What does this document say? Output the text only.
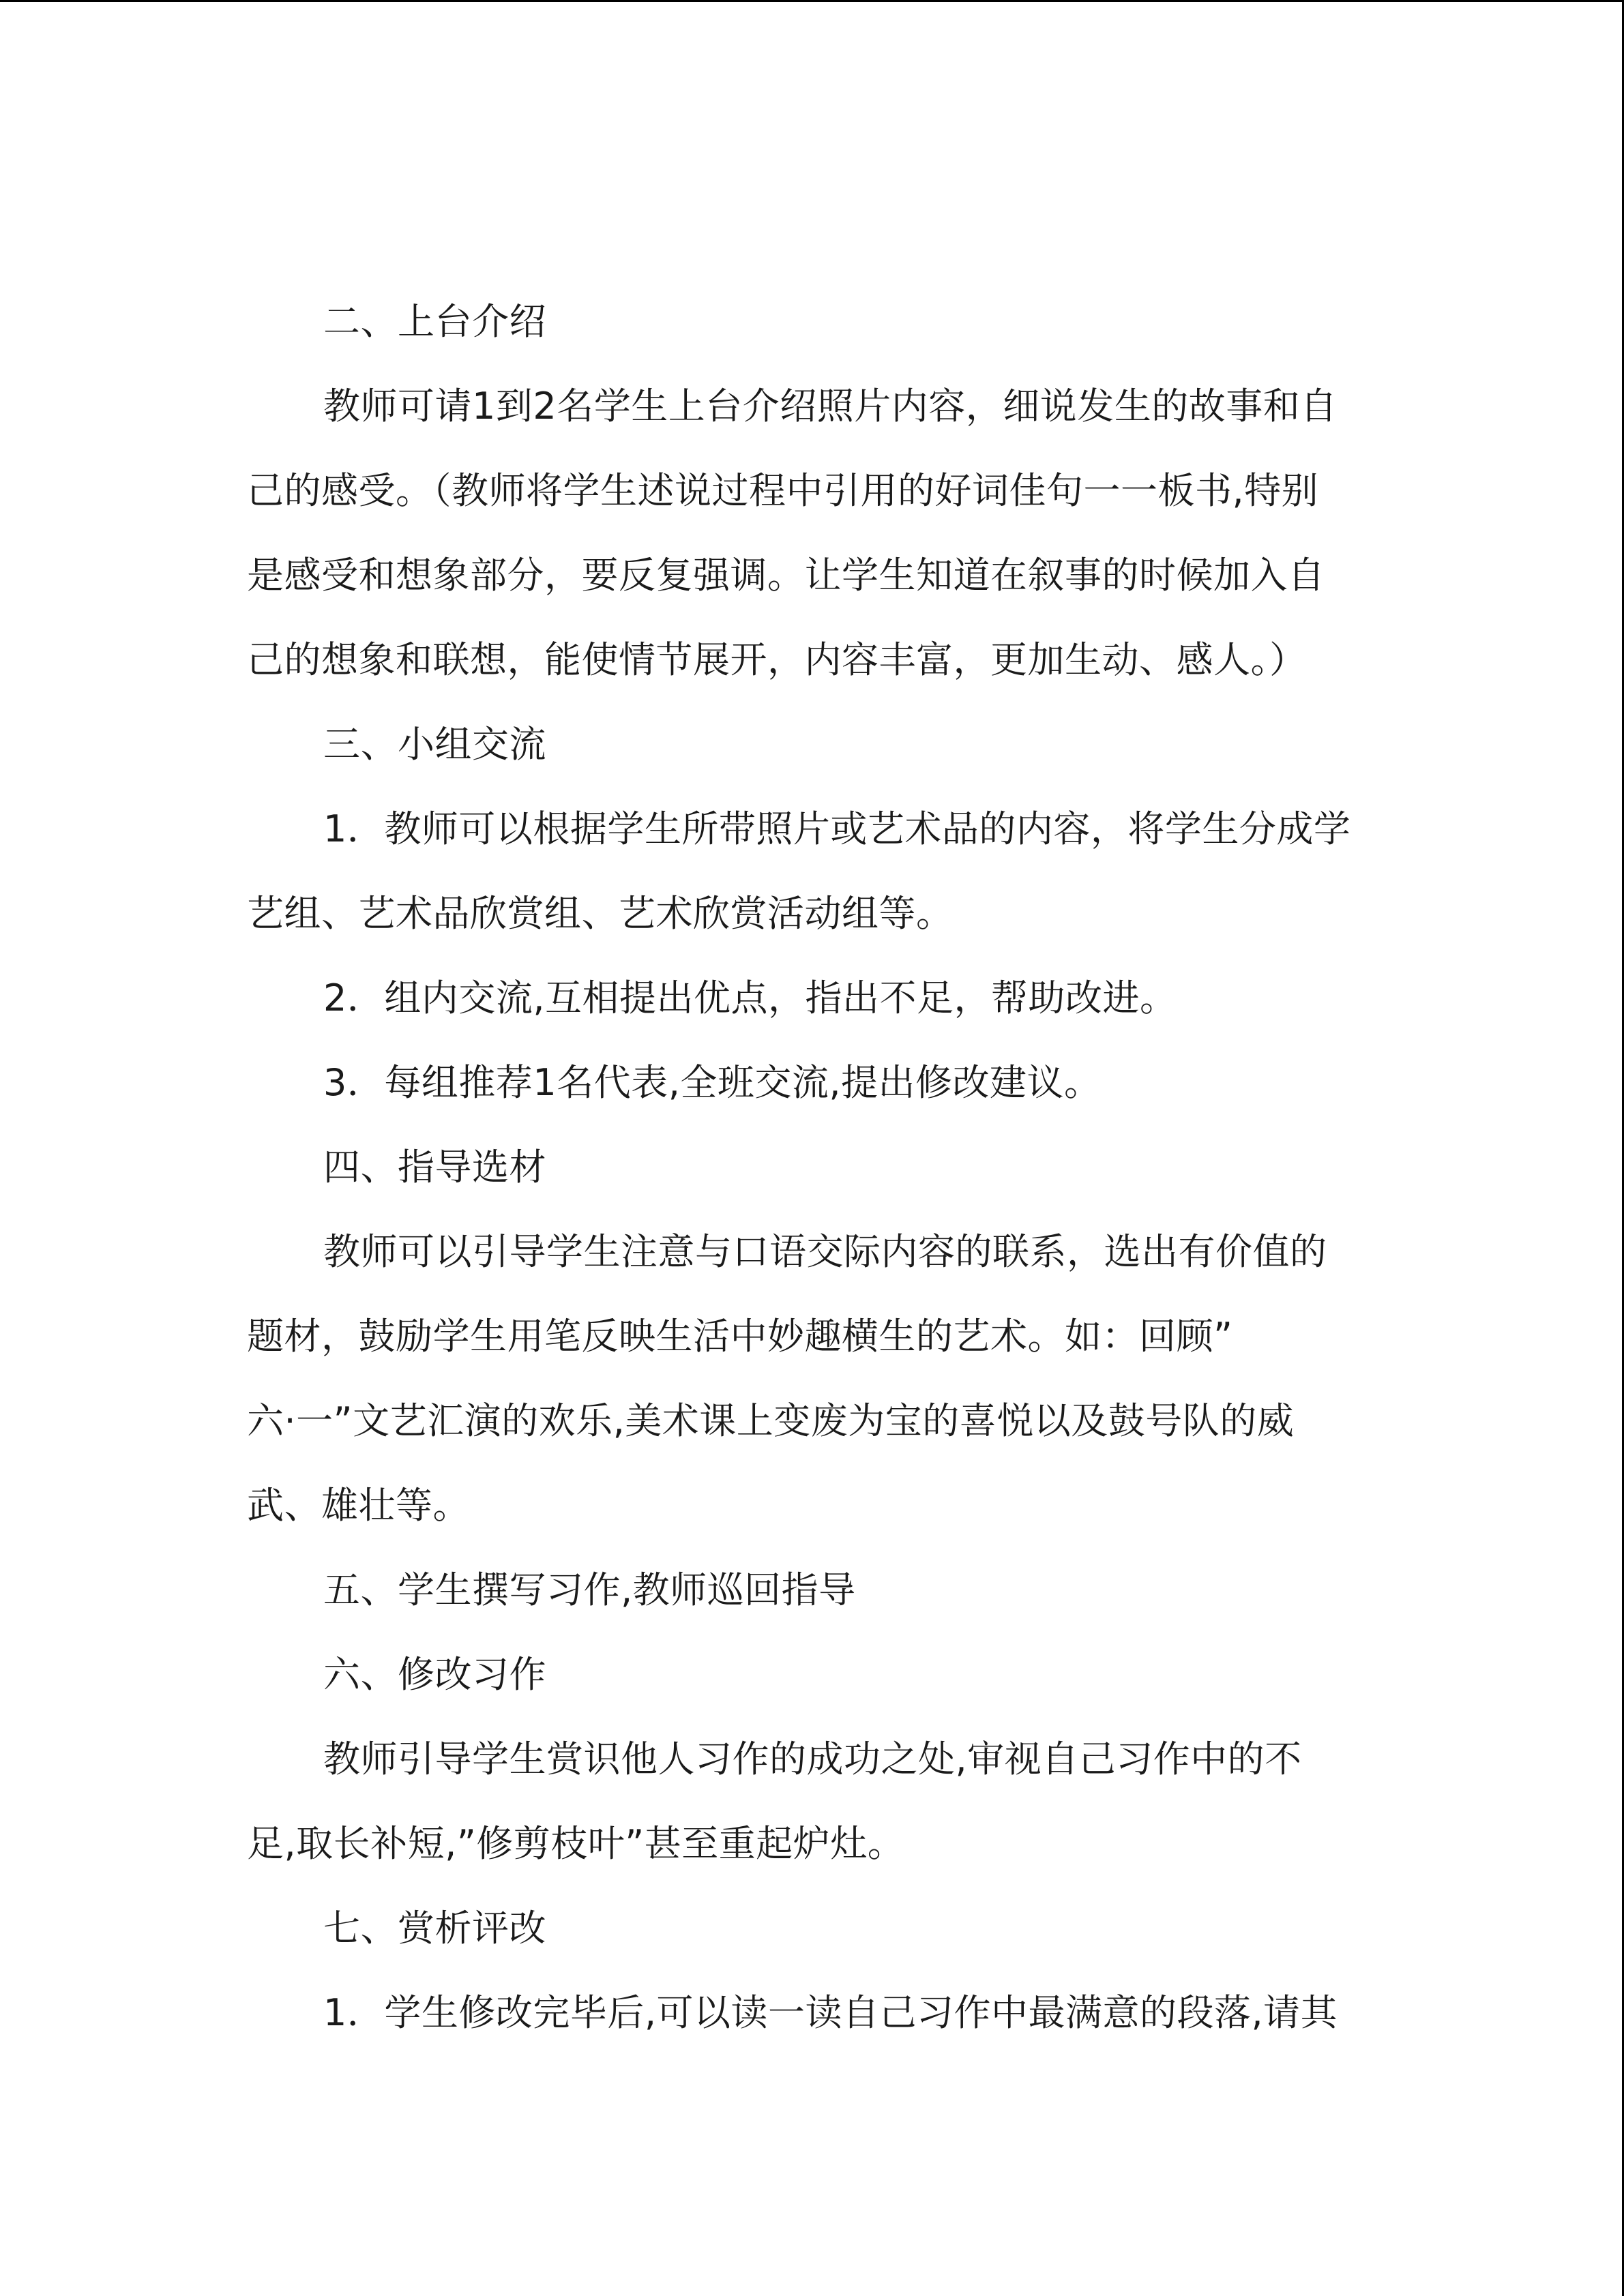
二、上台介绍
教师可请1到2名学生上台介绍照片内容，细说发生的故事和自
己的感受。（教师将学生述说过程中引用的好词佳句一一板书,特别
是感受和想象部分，要反复强调。让学生知道在叙事的时候加入自
己的想象和联想，能使情节展开，内容丰富，更加生动、感人。）
三、小组交流
1．教师可以根据学生所带照片或艺术品的内容，将学生分成学
艺组、艺术品欣赏组、艺术欣赏活动组等。
2．组内交流,互相提出优点，指出不足，帮助改进。
3．每组推荐1名代表,全班交流,提出修改建议。
四、指导选材
教师可以引导学生注意与口语交际内容的联系，选出有价值的
题材，鼓励学生用笔反映生活中妙趣横生的艺术。如：回顾”
六·一”文艺汇演的欢乐,美术课上变废为宝的喜悦以及鼓号队的威
武、雄壮等。
五、学生撰写习作,教师巡回指导
六、修改习作
教师引导学生赏识他人习作的成功之处,审视自己习作中的不
足,取长补短,”修剪枝叶”甚至重起炉灶。
七、赏析评改
1．学生修改完毕后,可以读一读自己习作中最满意的段落,请其
